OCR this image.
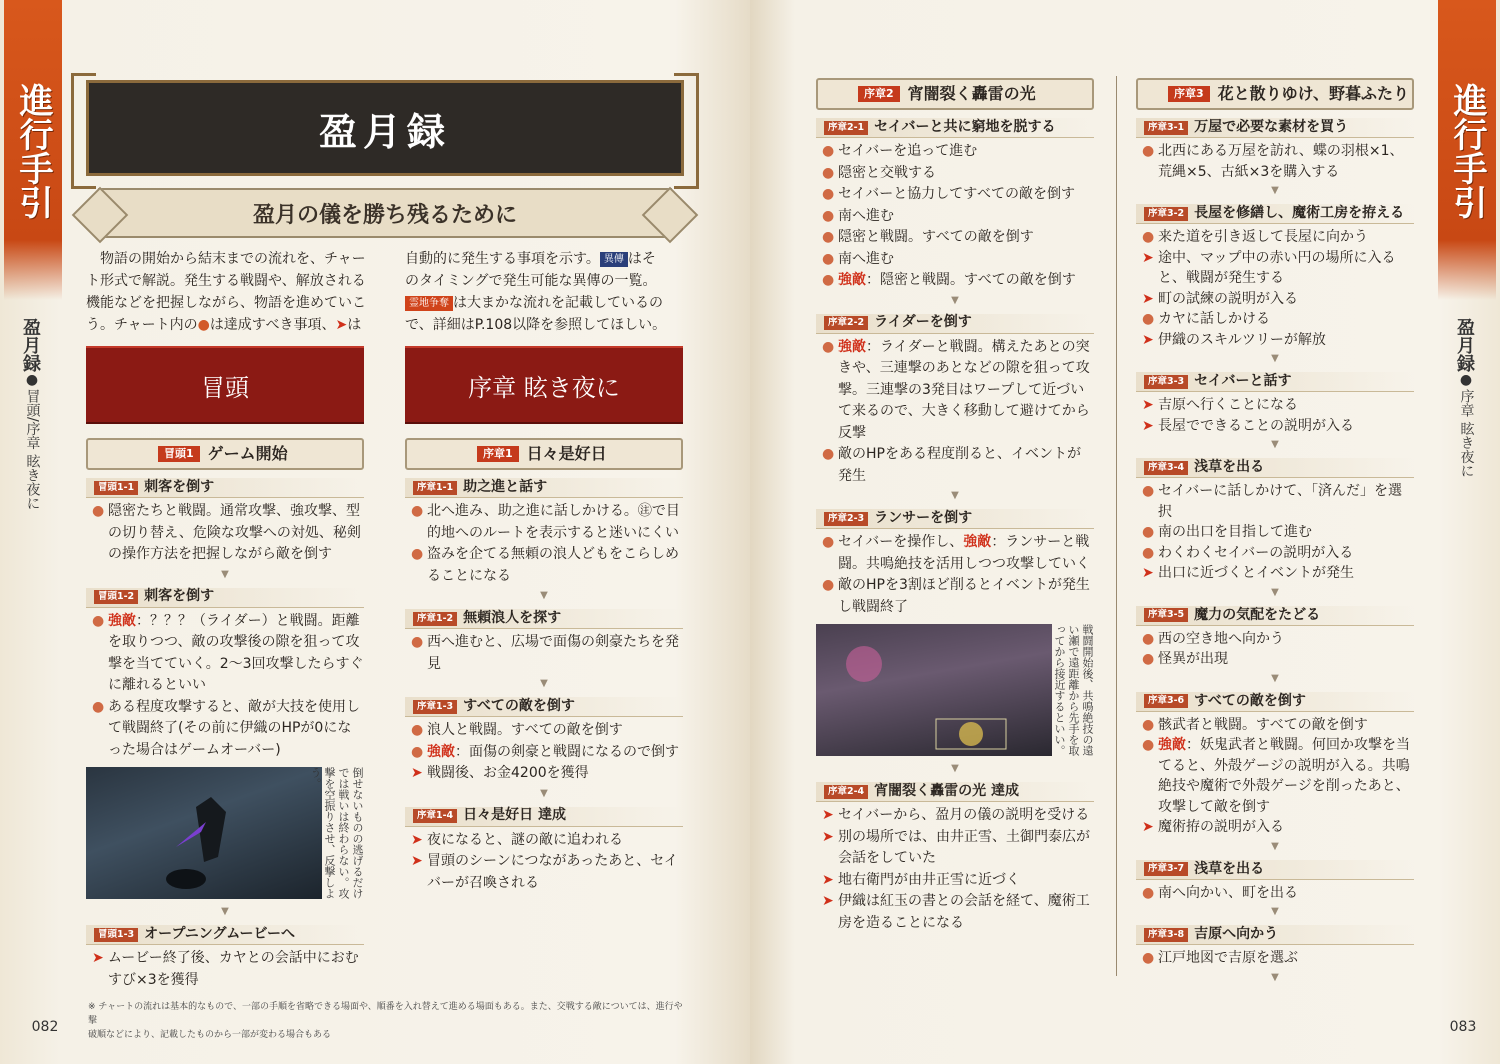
進行手引
盈月録
●
冒頭/序章 眩き夜に
082
盈月録
盈月の儀を勝ち残るために
物語の開始から結末までの流れを、チャー
ト形式で解説。発生する戦闘や、解放される
機能などを把握しながら、物語を進めていこ
う。チャート内の●は達成すべき事項、➤は
自動的に発生する事項を示す。 異傳 はそ
のタイミングで発生可能な異傳の一覧。
霊地争奪 は大まかな流れを記載しているの
で、詳細はP.108以降を参照してほしい。
冒頭	序章 眩き夜に
冒頭1 ゲーム開始
冒頭1-1 刺客を倒す
● 隠密たちと戦闘。通常攻撃、強攻撃、型の切り替え、危険な攻撃への対処、秘剣の操作方法を把握しながら敵を倒す
▼
冒頭1-2 刺客を倒す
● 強敵：？？？（ライダー）と戦闘。距離を取りつつ、敵の攻撃後の隙を狙って攻撃を当てていく。2～3回攻撃したらすぐに離れるといい
● ある程度攻撃すると、敵が大技を使用して戦闘終了(その前に伊織のHPが0になった場合はゲームオーバー)
倒せないものの逃げるだけでは戦いは終わらない。攻撃を空振りさせ、反撃しよう。
▼
冒頭1-3 オープニングムービーへ
➤ ムービー終了後、カヤとの会話中におむすび×3を獲得
序章1 日々是好日
序章1-1 助之進と話す
● 北へ進み、助之進に話しかける。㊟で目的地へのルートを表示すると迷いにくい
● 盗みを企てる無頼の浪人どもをこらしめることになる
▼
序章1-2 無頼浪人を探す
● 西へ進むと、広場で面傷の剣豪たちを発見
▼
序章1-3 すべての敵を倒す
● 浪人と戦闘。すべての敵を倒す
● 強敵：面傷の剣豪と戦闘になるので倒す
➤ 戦闘後、お金4200を獲得
▼
序章1-4 日々是好日 達成
➤ 夜になると、謎の敵に追われる
➤ 冒頭のシーンにつながあったあと、セイバーが召喚される
※ チャートの流れは基本的なもので、一部の手順を省略できる場面や、順番を入れ替えて進める場面もある。また、交戦する敵については、進行や撃
破順などにより、記載したものから一部が変わる場合もある
進行手引
盈月録
●
序章 眩き夜に
083
序章2 宵闇裂く轟雷の光
序章2-1 セイバーと共に窮地を脱する
● セイバーを追って進む
● 隠密と交戦する
● セイバーと協力してすべての敵を倒す
● 南へ進む
● 隠密と戦闘。すべての敵を倒す
● 南へ進む
● 強敵：隠密と戦闘。すべての敵を倒す
▼
序章2-2 ライダーを倒す
● 強敵：ライダーと戦闘。構えたあとの突きや、三連撃のあとなどの隙を狙って攻撃。三連撃の3発目はワープして近づいて来るので、大きく移動して避けてから反撃
● 敵のHPをある程度削ると、イベントが発生
▼
序章2-3 ランサーを倒す
● セイバーを操作し、強敵：ランサーと戦闘。共鳴絶技を活用しつつ攻撃していく
● 敵のHPを3割ほど削るとイベントが発生し戦闘終了
戦闘開始後、共鳴絶技の遠い瀬で遠距離から先手を取ってから接近するといい。
▼
序章2-4 宵闇裂く轟雷の光 達成
➤ セイバーから、盈月の儀の説明を受ける
➤ 別の場所では、由井正雪、土御門泰広が会話をしていた
➤ 地右衛門が由井正雪に近づく
➤ 伊織は紅玉の書との会話を経て、魔術工房を造ることになる
序章3 花と散りゆけ、野暮ふたり
序章3-1 万屋で必要な素材を買う
● 北西にある万屋を訪れ、蝶の羽根×1、荒縄×5、古紙×3を購入する
▼
序章3-2 長屋を修繕し、魔術工房を拵える
● 来た道を引き返して長屋に向かう
➤ 途中、マップ中の赤い円の場所に入ると、戦闘が発生する
➤ 町の試練の説明が入る
● カヤに話しかける
➤ 伊織のスキルツリーが解放
▼
序章3-3 セイバーと話す
➤ 吉原へ行くことになる
➤ 長屋でできることの説明が入る
▼
序章3-4 浅草を出る
● セイバーに話しかけて、「済んだ」を選択
● 南の出口を目指して進む
● わくわくセイバーの説明が入る
➤ 出口に近づくとイベントが発生
▼
序章3-5 魔力の気配をたどる
● 西の空き地へ向かう
● 怪異が出現
▼
序章3-6 すべての敵を倒す
● 骸武者と戦闘。すべての敵を倒す
● 強敵：妖鬼武者と戦闘。何回か攻撃を当てると、外殻ゲージの説明が入る。共鳴絶技や魔術で外殻ゲージを削ったあと、攻撃して敵を倒す
➤ 魔術拵の説明が入る
▼
序章3-7 浅草を出る
● 南へ向かい、町を出る
▼
序章3-8 吉原へ向かう
● 江戸地図で吉原を選ぶ
▼
